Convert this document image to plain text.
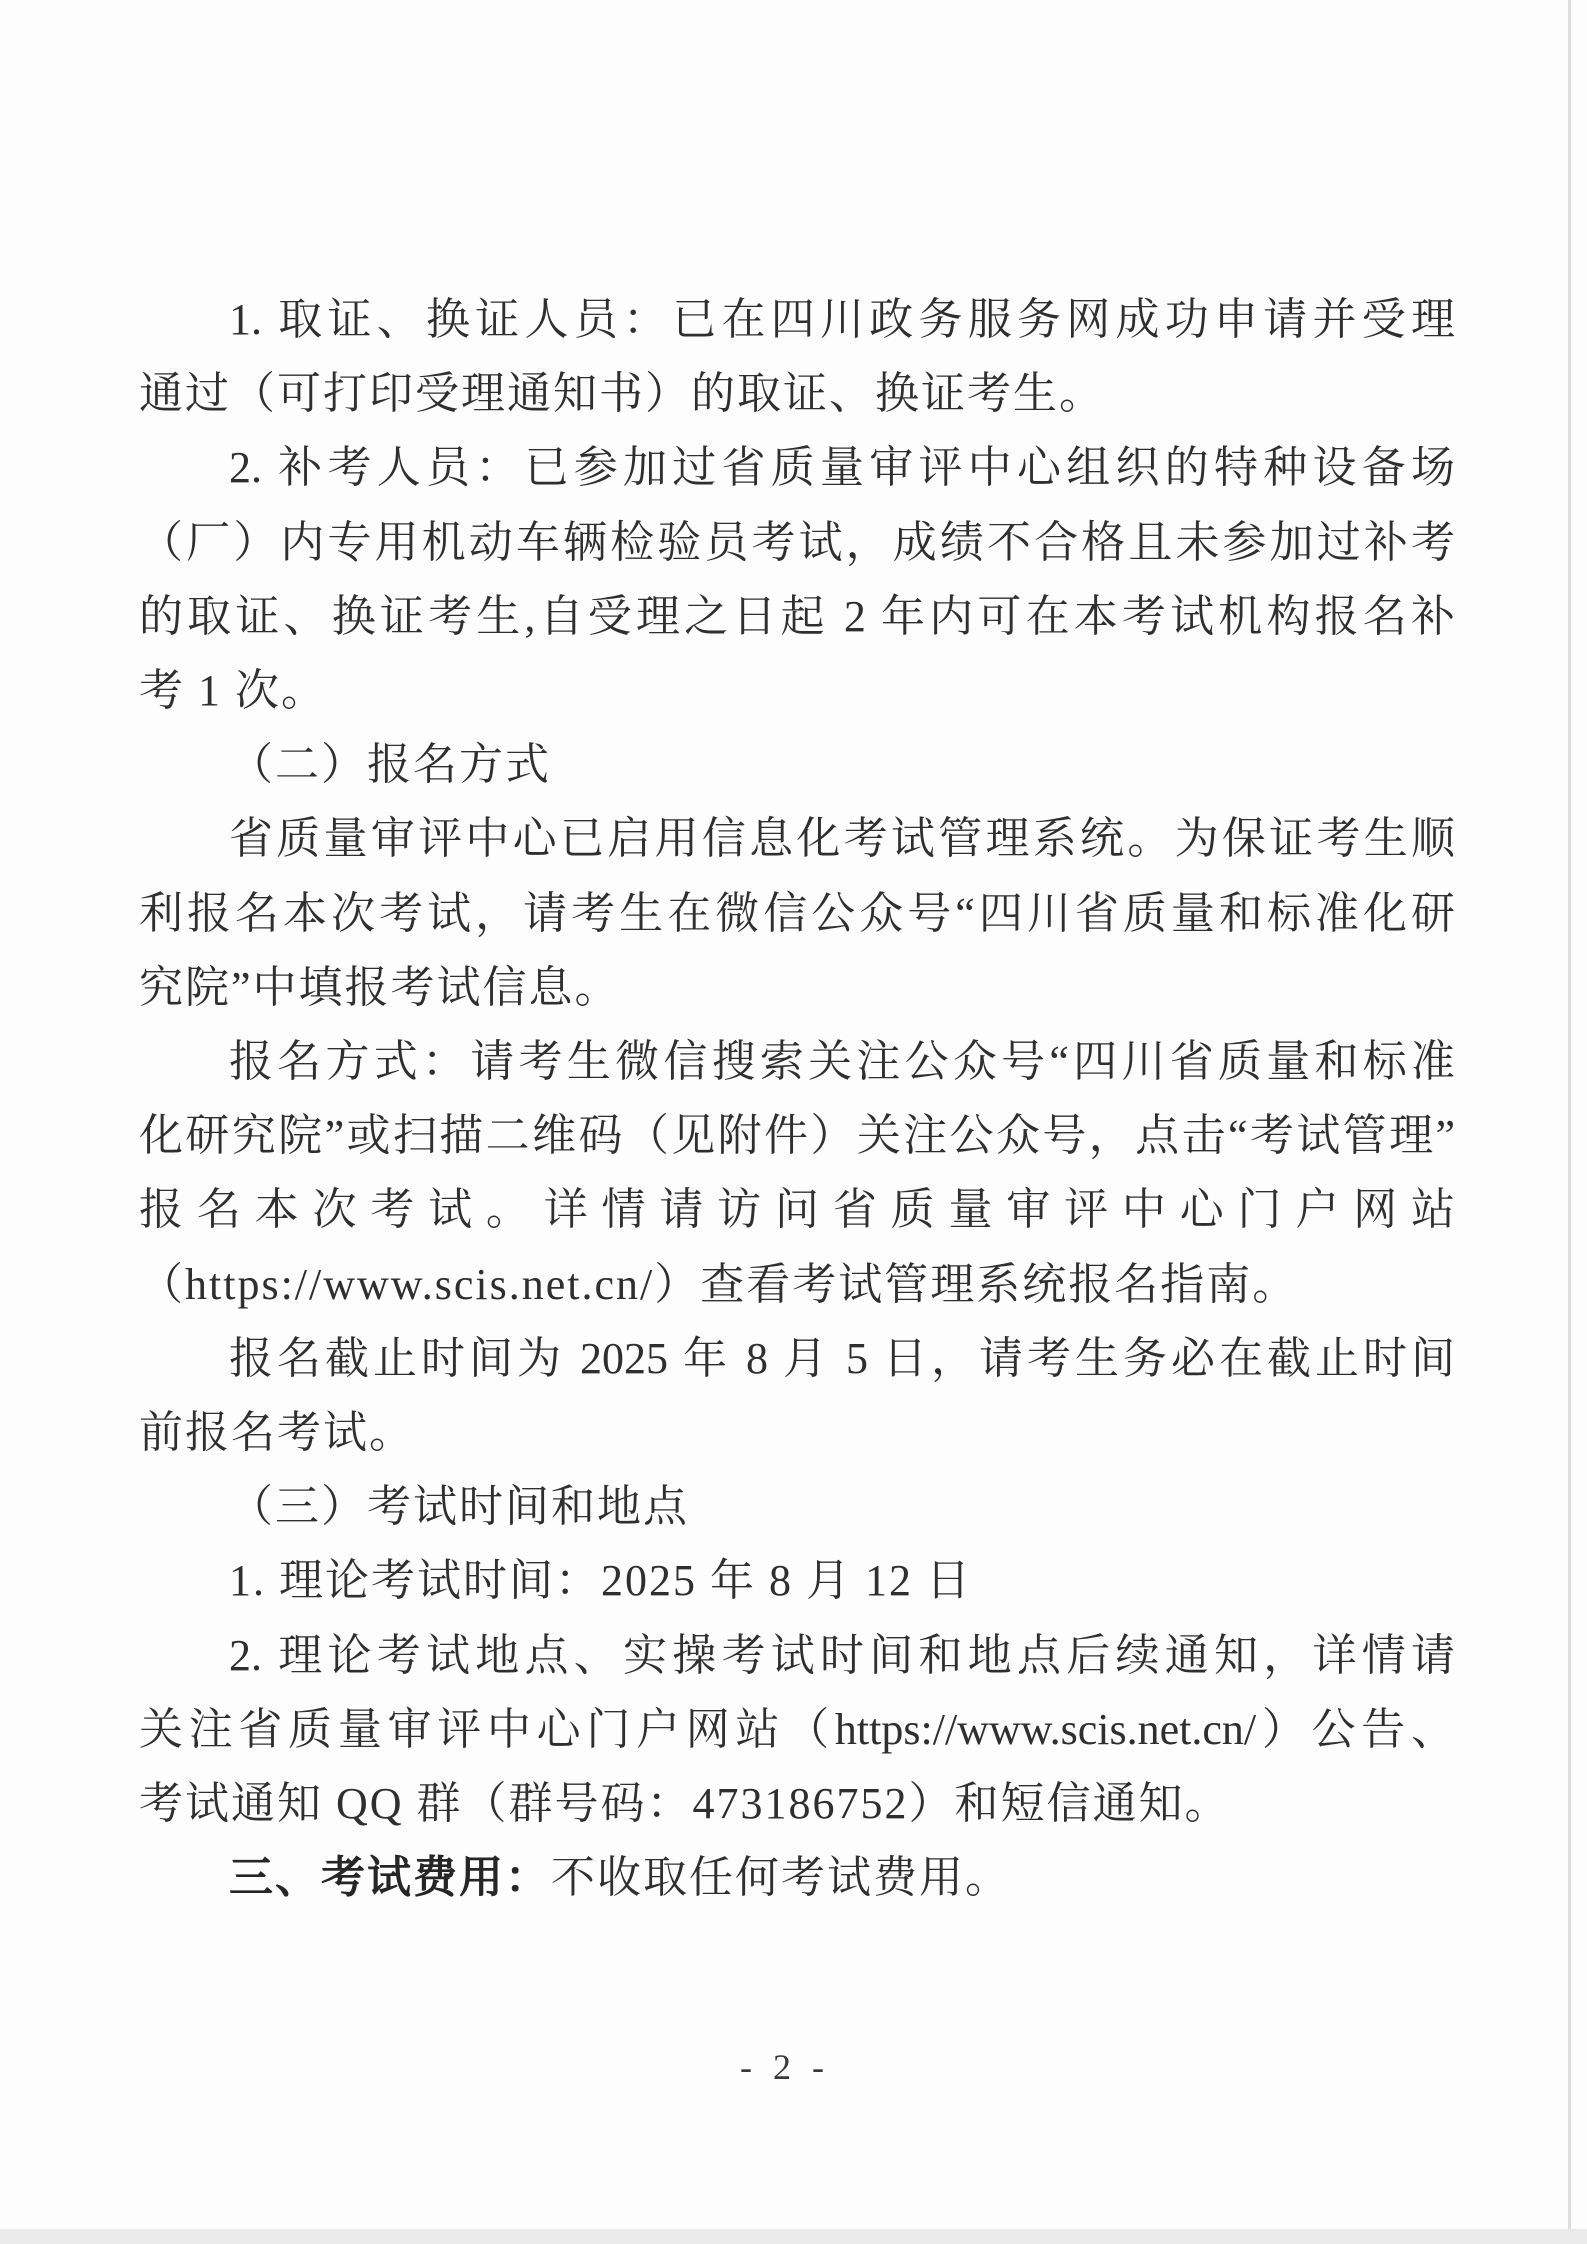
1. 取证、换证人员：已在四川政务服务网成功申请并受理
通过（可打印受理通知书）的取证、换证考生。
2. 补考人员：已参加过省质量审评中心组织的特种设备场
（厂）内专用机动车辆检验员考试，成绩不合格且未参加过补考
的取证、换证考生,自受理之日起 2 年内可在本考试机构报名补
考 1 次。
（二）报名方式
省质量审评中心已启用信息化考试管理系统。为保证考生顺
利报名本次考试，请考生在微信公众号“四川省质量和标准化研
究院”中填报考试信息。
报名方式：请考生微信搜索关注公众号“四川省质量和标准
化研究院”或扫描二维码（见附件）关注公众号，点击“考试管理”
报名本次考试。详情请访问省质量审评中心门户网站
（https://www.scis.net.cn/）查看考试管理系统报名指南。
报名截止时间为 2025 年 8 月 5 日，请考生务必在截止时间
前报名考试。
（三）考试时间和地点
1. 理论考试时间：2025 年 8 月 12 日
2. 理论考试地点、实操考试时间和地点后续通知，详情请
关注省质量审评中心门户网站（https://www.scis.net.cn/）公告、
考试通知 QQ 群（群号码：473186752）和短信通知。
三、考试费用：不收取任何考试费用。
- 2 -
